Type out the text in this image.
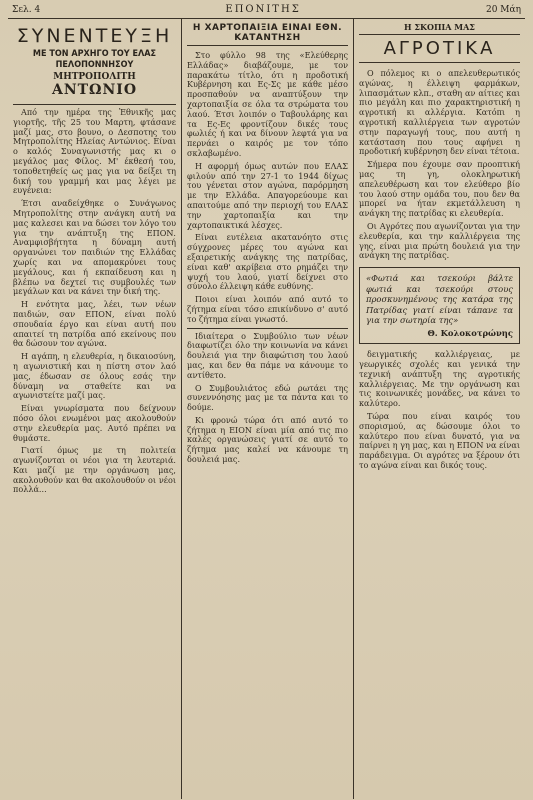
Σελ. 4	ΕΠΟΝΙΤΗΣ	20 Μάη
ΣΥΝΕΝΤΕΥΞΗ
ΜΕ ΤΟΝ ΑΡΧΗΓΟ ΤΟΥ ΕΛΑΣ ΠΕΛΟΠΟΝΝΗΣΟΥ
ΜΗΤΡΟΠΟΛΙΤΗ ΑΝΤΩΝΙΟ

Από την ημέρα της Ἐθνικῆς μας γιορτῆς, τῆς 25 του Μαρτη, φτάσανε μαζί μας, στο βουνο, ο Δεσποτης του Μητροπολίτης Ηλείας Αντώνιος. Είναι ο καλός Συναγωνιστής μας κι ο μεγάλος μας Φίλος. Μ' έκθεσή του, τοποθετηθείς ως μας για να δείξει τη δική του γραμμή και μας λέγει με ευγένεια:

Έτσι αναδείχθηκε ο Συνάγωνος Μητροπολίτης στην ανάγκη αυτή να μας καλεσει και να δώσει τον λόγο του για την ανάπτυξη της ΕΠΟΝ. Αναμφισβήτητα η δύναμη αυτή οργανώνει τον παιδιών της Ελλάδας χωρίς και να απομακρύνει τους μεγάλους, και ή εκπαίδευση και η βλέπω να δεχτεί τις συμβουλές των μεγάλων και να κάνει την δική της.

Η ενότητα μας, λέει, των νέων παιδιών, σαν ΕΠΟΝ, είναι πολύ σπουδαία έργο και είναι αυτή που απαιτεί τη πατρίδα από εκείνους που θα δώσουν τον αγώνα.

Η αγάπη, η ελευθερία, η δικαιοσύνη, η αγωνιστική και η πίστη στον λαό μας, έδωσαν σε όλους εσάς την δύναμη να σταθείτε και να αγωνιστείτε μαζί μας.

Είναι γνωρίσματα που δείχνουν πόσο όλοι ενωμένοι μας ακολουθούν στην ελευθερία μας. Αυτό πρέπει να θυμάστε.

Γιατί όμως με τη πολιτεία αγωνίζονται οι νέοι για τη λευτεριά. Και μαζί με την οργάνωση μας, ακολουθούν και θα ακολουθούν οι νέοι πολλά...

Η ΧΑΡΤΟΠΑΙΞΙΑ ΕΙΝΑΙ ΕΘΝ. ΚΑΤΑΝΤΗΣΗ

Στο φύλλο 98 της «Ελεύθερης Ελλάδας» διαβάζουμε, με τον παρακάτω τίτλο, ότι η προδοτική Κυβέρνηση και Ες-Σς με κάθε μέσο προσπαθούν να αναπτύξουν την χαρτοπαιξία σε όλα τα στρώματα του λαού. Έτσι λοιπόν ο Ταβουλάρης και τα Ες-Ες φροντίζουν δικές τους φωλιές ή και να δίνουν λεφτά για να περνάει ο καιρός με τον τόπο σκλαβωμένο.

Η αφορμή όμως αυτών που ΕΛΑΣ φιλούν από την 27-1 το 1944 δίχως του γένεται στον αγώνα, παρόρμηση με την Ελλάδα. Απαγορεύουμε και απαιτούμε από την περιοχή του ΕΛΑΣ την χαρτοπαιξία και την χαρτοπαικτικά λέσχες.

Είναι ευτέλεια ακατανόητο στις σύγχρονες μέρες του αγώνα και εξαιρετικής ανάγκης της πατρίδας, είναι καθ' ακρίβεια στο ρημάζει την ψυχή του λαού, γιατί δείχνει στο σύνολο έλλειψη κάθε ευθύνης.

Ποιοι είναι λοιπόν από αυτό το ζήτημα είναι τόσο επικίνδυνο σ' αυτό το ζήτημα είναι γνωστό.

Ιδιαίτερα ο Συμβούλιο των νέων διαφωτίζει όλο την κοινωνία να κάνει δουλειά για την διαφώτιση του λαού μας, και δεν θα πάμε να κάνουμε το αντίθετο.

Ο Συμβουλιάτος εδώ ρωτάει της συνεννόησης μας με τα πάντα και το δούμε.

Κι φρονώ τώρα ότι από αυτό το ζήτημα η ΕΙΟΝ είναι μία από τις πιο καλές οργανώσεις γιατί σε αυτό το ζήτημα μας καλεί να κάνουμε τη δουλειά μας.

Η ΣΚΟΠΙΑ ΜΑΣ
ΑΓΡΟΤΙΚΑ

Ο πόλεμος κι ο απελευθερωτικός αγώνας, η έλλειψη φαρμάκων, λιπασμάτων κλπ., σταθη αν αίτιες και πιο μεγάλη και πιο χαρακτηριστική η αγροτική κι αλλέργια. Κατόπι η αγροτική καλλιέργεια των αγροτών στην παραγωγή τους, που αυτή η κατάσταση που τους αφήνει η προδοτική κυβέρνηση δεν είναι τέτοια.

Σήμερα που έχουμε σαν προοπτική μας τη γη, ολοκληρωτική απελευθέρωση και τον ελεύθερο βίο του λαού στην ομάδα του, που δεν θα μπορεί να ήταν εκμετάλλευση η ανάγκη της πατρίδας κι ελευθερία.

Οι Αγρότες που αγωνίζονται για την ελευθερία, και την καλλιέργεια της γης, είναι μια πρώτη δουλειά για την ανάγκη της πατρίδας.

«Φωτιά και τσεκούρι βάλτε φωτιά και τσεκούρι στους προσκυνημένους της κατάρα της Πατρίδας γιατί είναι τάπανε τα για την σωτηρία της»
Θ. Κολοκοτρώνης

δειγματικής καλλιέργειας, με γεωργικές σχολές και γενικά την τεχνική ανάπτυξη της αγροτικής καλλιέργειας. Με την οργάνωση και τις κοινωνικές μονάδες, να κάνει το καλύτερο.

Τώρα που είναι καιρός του σπορισμού, ας δώσουμε όλοι το καλύτερο που είναι δυνατό, για να παίρνει η γη μας, και η ΕΠΟΝ να είναι παράδειγμα. Οι αγρότες να ξέρουν ότι το αγώνα είναι και δικός τους.
